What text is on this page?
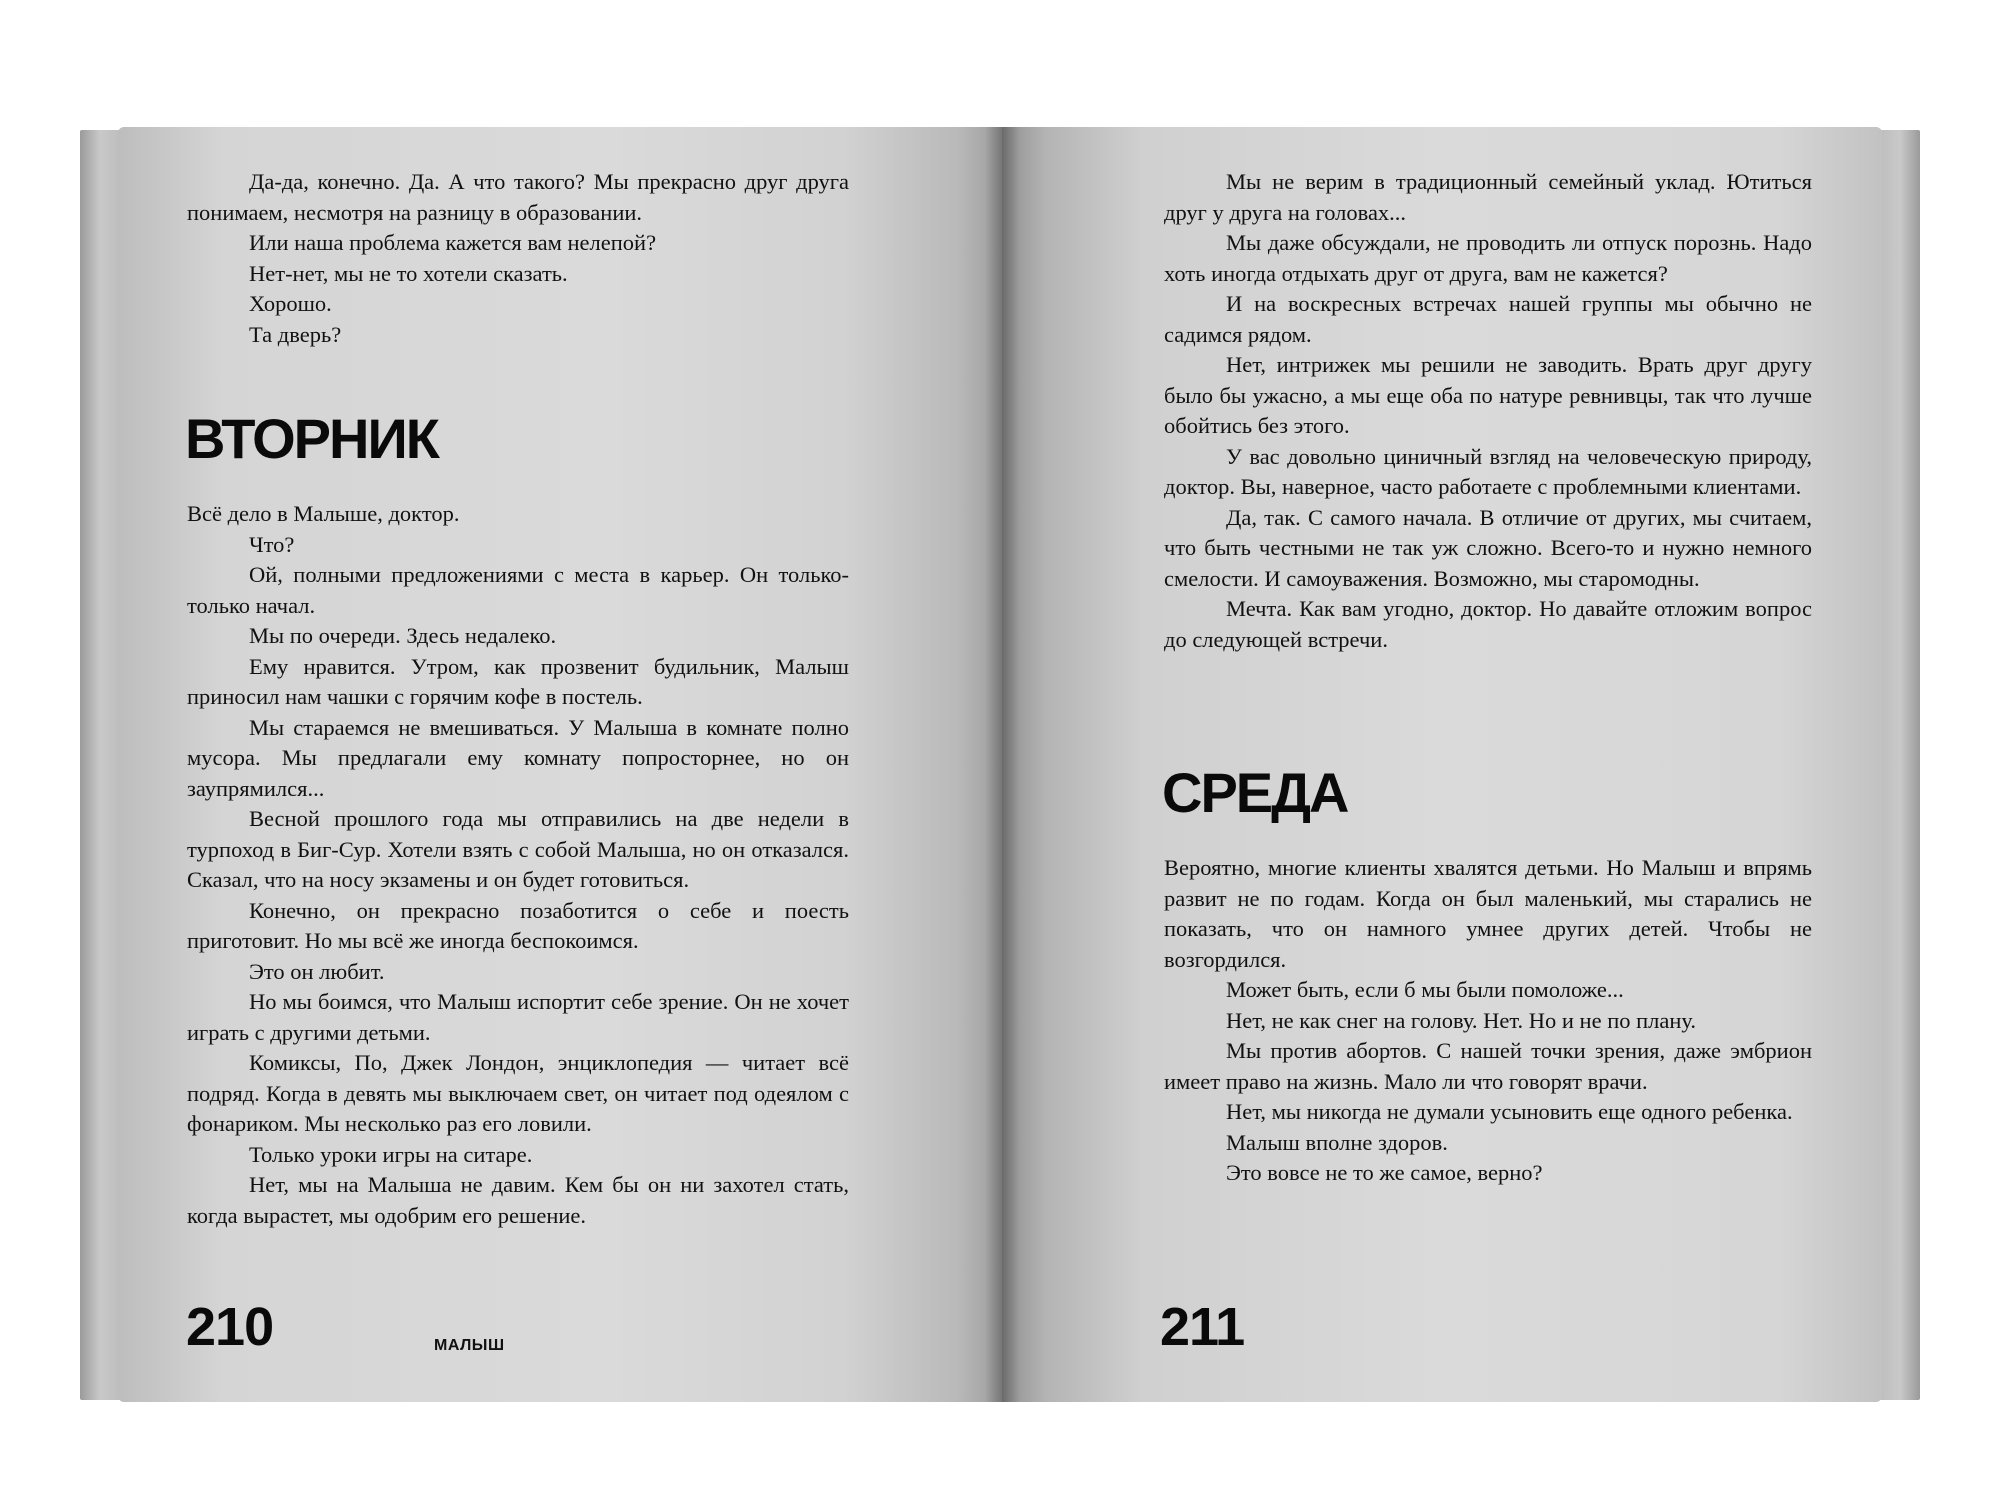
Да-да, конечно. Да. А что такого? Мы прекрасно друг друга понимаем, несмотря на разницу в образовании.

Или наша проблема кажется вам нелепой?

Нет-нет, мы не то хотели сказать.

Хорошо.

Та дверь?

ВТОРНИК

Всё дело в Малыше, доктор.

Что?

Ой, полными предложениями с места в карьер. Он только-только начал.

Мы по очереди. Здесь недалеко.

Ему нравится. Утром, как прозвенит будильник, Малыш приносил нам чашки с горячим кофе в постель.

Мы стараемся не вмешиваться. У Малыша в комнате полно мусора. Мы предлагали ему комнату попросторнее, но он заупрямился...

Весной прошлого года мы отправились на две недели в турпоход в Биг-Сур. Хотели взять с собой Малыша, но он отказался. Сказал, что на носу экзамены и он будет готовиться.

Конечно, он прекрасно позаботится о себе и поесть приготовит. Но мы всё же иногда беспокоимся.

Это он любит.

Но мы боимся, что Малыш испортит себе зрение. Он не хочет играть с другими детьми.

Комиксы, По, Джек Лондон, энциклопедия — читает всё подряд. Когда в девять мы выключаем свет, он читает под одеялом с фонариком. Мы несколько раз его ловили.

Только уроки игры на ситаре.

Нет, мы на Малыша не давим. Кем бы он ни захотел стать, когда вырастет, мы одобрим его решение.

210	МАЛЫШ

Мы не верим в традиционный семейный уклад. Ютиться друг у друга на головах...

Мы даже обсуждали, не проводить ли отпуск порознь. Надо хоть иногда отдыхать друг от друга, вам не кажется?

И на воскресных встречах нашей группы мы обычно не садимся рядом.

Нет, интрижек мы решили не заводить. Врать друг другу было бы ужасно, а мы еще оба по натуре ревнивцы, так что лучше обойтись без этого.

У вас довольно циничный взгляд на человеческую природу, доктор. Вы, наверное, часто работаете с проблемными клиентами.

Да, так. С самого начала. В отличие от других, мы считаем, что быть честными не так уж сложно. Всего-то и нужно немного смелости. И самоуважения. Возможно, мы старомодны.

Мечта. Как вам угодно, доктор. Но давайте отложим вопрос до следующей встречи.

СРЕДА

Вероятно, многие клиенты хвалятся детьми. Но Малыш и впрямь развит не по годам. Когда он был маленький, мы старались не показать, что он намного умнее других детей. Чтобы не возгордился.

Может быть, если б мы были помоложе...

Нет, не как снег на голову. Нет. Но и не по плану.

Мы против абортов. С нашей точки зрения, даже эмбрион имеет право на жизнь. Мало ли что говорят врачи.

Нет, мы никогда не думали усыновить еще одного ребенка.

Малыш вполне здоров.

Это вовсе не то же самое, верно?

211
